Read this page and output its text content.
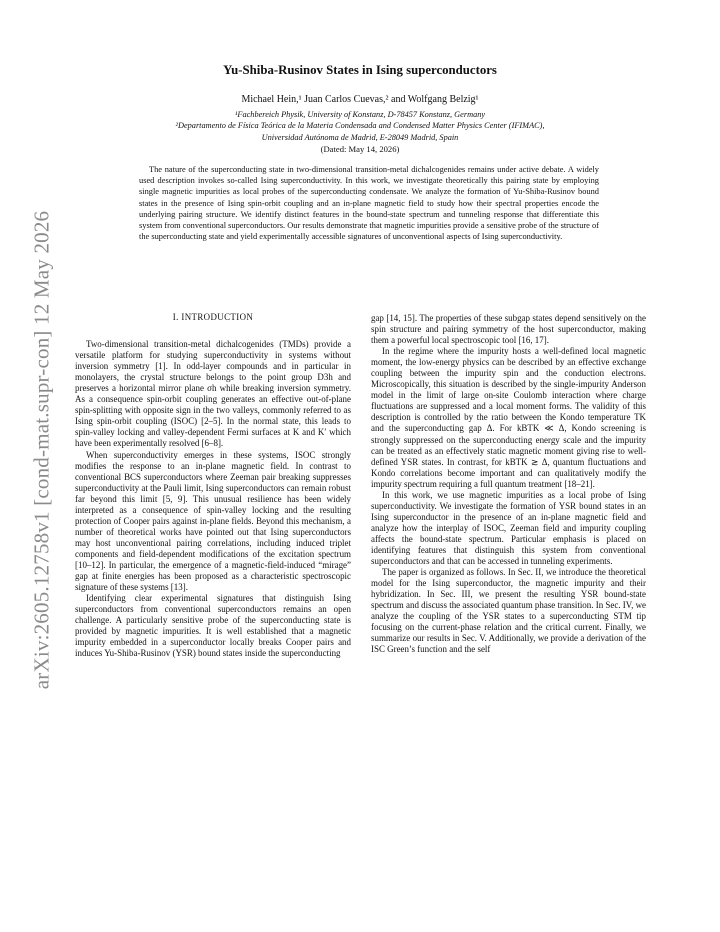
arXiv:2605.12758v1 [cond-mat.supr-con] 12 May 2026
Yu-Shiba-Rusinov States in Ising superconductors
Michael Hein,¹ Juan Carlos Cuevas,² and Wolfgang Belzig¹
¹Fachbereich Physik, University of Konstanz, D-78457 Konstanz, Germany
²Departamento de Física Teórica de la Materia Condensada and Condensed Matter Physics Center (IFIMAC),
Universidad Autónoma de Madrid, E-28049 Madrid, Spain
(Dated: May 14, 2026)

The nature of the superconducting state in two-dimensional transition-metal dichalcogenides remains under active debate. A widely used description invokes so-called Ising superconductivity. In this work, we investigate theoretically this pairing state by employing single magnetic impurities as local probes of the superconducting condensate. We analyze the formation of Yu-Shiba-Rusinov bound states in the presence of Ising spin-orbit coupling and an in-plane magnetic field to study how their spectral properties encode the underlying pairing structure. We identify distinct features in the bound-state spectrum and tunneling response that differentiate this system from conventional superconductors. Our results demonstrate that magnetic impurities provide a sensitive probe of the structure of the superconducting state and yield experimentally accessible signatures of unconventional aspects of Ising superconductivity.

I. INTRODUCTION

Two-dimensional transition-metal dichalcogenides (TMDs) provide a versatile platform for studying superconductivity in systems without inversion symmetry [1]. In odd-layer compounds and in particular in monolayers, the crystal structure belongs to the point group D3h and preserves a horizontal mirror plane σh while breaking inversion symmetry. As a consequence spin-orbit coupling generates an effective out-of-plane spin-splitting with opposite sign in the two valleys, commonly referred to as Ising spin-orbit coupling (ISOC) [2–5]. In the normal state, this leads to spin-valley locking and valley-dependent Fermi surfaces at K and K′ which have been experimentally resolved [6–8].

When superconductivity emerges in these systems, ISOC strongly modifies the response to an in-plane magnetic field. In contrast to conventional BCS superconductors where Zeeman pair breaking suppresses superconductivity at the Pauli limit, Ising superconductors can remain robust far beyond this limit [5, 9]. This unusual resilience has been widely interpreted as a consequence of spin-valley locking and the resulting protection of Cooper pairs against in-plane fields. Beyond this mechanism, a number of theoretical works have pointed out that Ising superconductors may host unconventional pairing correlations, including induced triplet components and field-dependent modifications of the excitation spectrum [10–12]. In particular, the emergence of a magnetic-field-induced “mirage” gap at finite energies has been proposed as a characteristic spectroscopic signature of these systems [13].

Identifying clear experimental signatures that distinguish Ising superconductors from conventional superconductors remains an open challenge. A particularly sensitive probe of the superconducting state is provided by magnetic impurities. It is well established that a magnetic impurity embedded in a superconductor locally breaks Cooper pairs and induces Yu-Shiba-Rusinov (YSR) bound states inside the superconducting

gap [14, 15]. The properties of these subgap states depend sensitively on the spin structure and pairing symmetry of the host superconductor, making them a powerful local spectroscopic tool [16, 17].

In the regime where the impurity hosts a well-defined local magnetic moment, the low-energy physics can be described by an effective exchange coupling between the impurity spin and the conduction electrons. Microscopically, this situation is described by the single-impurity Anderson model in the limit of large on-site Coulomb interaction where charge fluctuations are suppressed and a local moment forms. The validity of this description is controlled by the ratio between the Kondo temperature TK and the superconducting gap Δ. For kBTK ≪ Δ, Kondo screening is strongly suppressed on the superconducting energy scale and the impurity can be treated as an effectively static magnetic moment giving rise to well-defined YSR states. In contrast, for kBTK ≳ Δ, quantum fluctuations and Kondo correlations become important and can qualitatively modify the impurity spectrum requiring a full quantum treatment [18–21].

In this work, we use magnetic impurities as a local probe of Ising superconductivity. We investigate the formation of YSR bound states in an Ising superconductor in the presence of an in-plane magnetic field and analyze how the interplay of ISOC, Zeeman field and impurity coupling affects the bound-state spectrum. Particular emphasis is placed on identifying features that distinguish this system from conventional superconductors and that can be accessed in tunneling experiments.

The paper is organized as follows. In Sec. II, we introduce the theoretical model for the Ising superconductor, the magnetic impurity and their hybridization. In Sec. III, we present the resulting YSR bound-state spectrum and discuss the associated quantum phase transition. In Sec. IV, we analyze the coupling of the YSR states to a superconducting STM tip focusing on the current-phase relation and the critical current. Finally, we summarize our results in Sec. V. Additionally, we provide a derivation of the ISC Green’s function and the self
